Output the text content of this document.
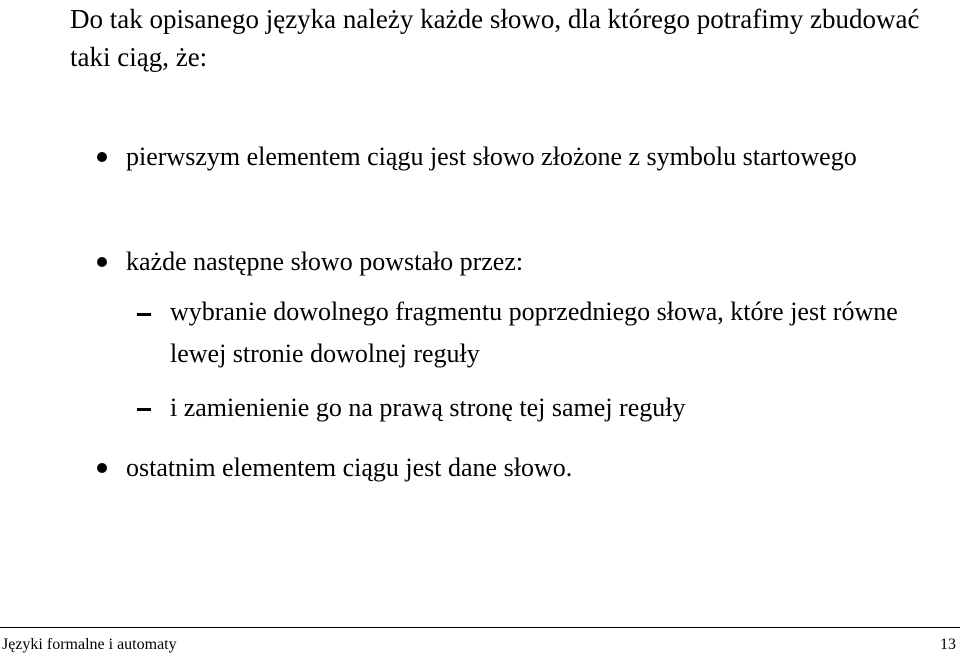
Do tak opisanego języka należy każde słowo, dla którego potrafimy zbudować taki ciąg, że:
pierwszym elementem ciągu jest słowo złożone z symbolu startowego
każde następne słowo powstało przez:
wybranie dowolnego fragmentu poprzedniego słowa, które jest równe lewej stronie dowolnej reguły
i zamienienie go na prawą stronę tej samej reguły
ostatnim elementem ciągu jest dane słowo.
Języki formalne i automaty	13
